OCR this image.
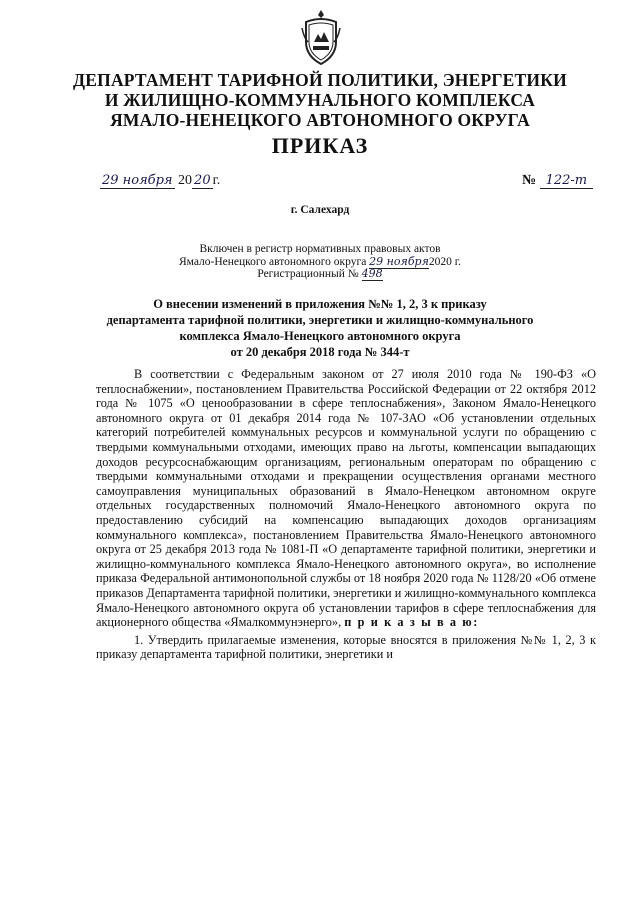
ДЕПАРТАМЕНТ ТАРИФНОЙ ПОЛИТИКИ, ЭНЕРГЕТИКИ
И ЖИЛИЩНО-КОММУНАЛЬНОГО КОМПЛЕКСА
ЯМАЛО-НЕНЕЦКОГО АВТОНОМНОГО ОКРУГА
ПРИКАЗ
29 ноября 20 20 г.	№ 122-т
г. Салехард
Включен в регистр нормативных правовых актов
Ямало-Ненецкого автономного округа 29 ноября2020 г.
Регистрационный № 498
О внесении изменений в приложения №№ 1, 2, 3 к приказу
департамента тарифной политики, энергетики и жилищно-коммунального
комплекса Ямало-Ненецкого автономного округа
от 20 декабря 2018 года № 344-т

В соответствии с Федеральным законом от 27 июля 2010 года № 190-ФЗ «О теплоснабжении», постановлением Правительства Российской Федерации от 22 октября 2012 года № 1075 «О ценообразовании в сфере теплоснабжения», Законом Ямало-Ненецкого автономного округа от 01 декабря 2014 года № 107-ЗАО «Об установлении отдельных категорий потребителей коммунальных ресурсов и коммунальной услуги по обращению с твердыми коммунальными отходами, имеющих право на льготы, компенсации выпадающих доходов ресурсоснабжающим организациям, региональным операторам по обращению с твердыми коммунальными отходами и прекращении осуществления органами местного самоуправления муниципальных образований в Ямало-Ненецком автономном округе отдельных государственных полномочий Ямало-Ненецкого автономного округа по предоставлению субсидий на компенсацию выпадающих доходов организациям коммунального комплекса», постановлением Правительства Ямало-Ненецкого автономного округа от 25 декабря 2013 года № 1081-П «О департаменте тарифной политики, энергетики и жилищно-коммунального комплекса Ямало-Ненецкого автономного округа», во исполнение приказа Федеральной антимонопольной службы от 18 ноября 2020 года № 1128/20 «Об отмене приказов Департамента тарифной политики, энергетики и жилищно-коммунального комплекса Ямало-Ненецкого автономного округа об установлении тарифов в сфере теплоснабжения для акционерного общества «Ямалкоммунэнерго», п р и к а з ы в а ю:

1. Утвердить прилагаемые изменения, которые вносятся в приложения №№ 1, 2, 3 к приказу департамента тарифной политики, энергетики и
